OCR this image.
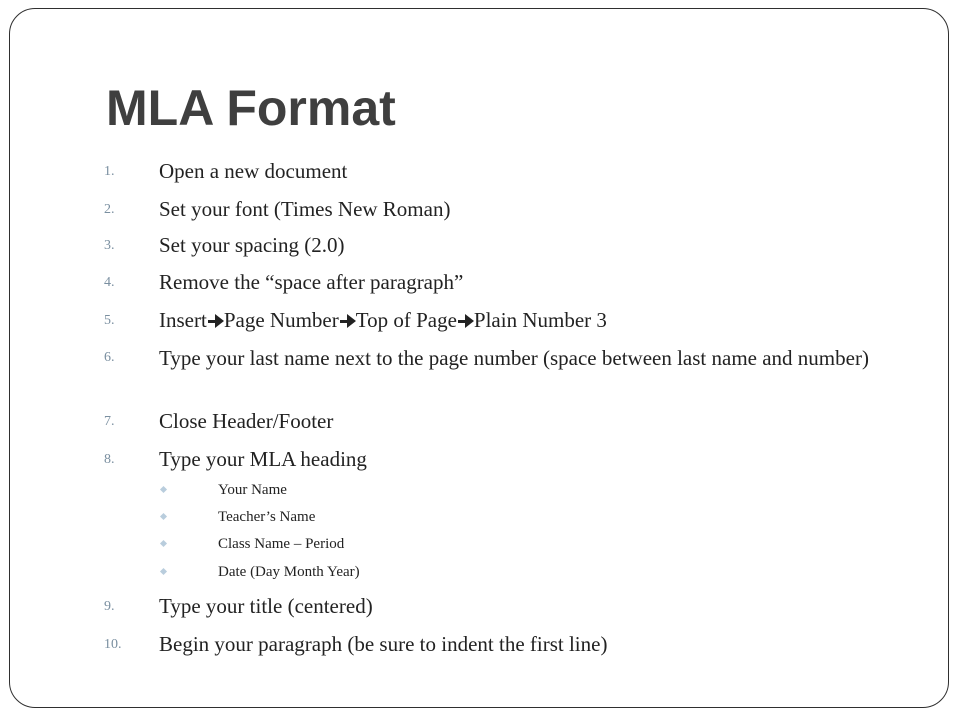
MLA Format
1. Open a new document
2. Set your font (Times New Roman)
3. Set your spacing (2.0)
4. Remove the “space after paragraph”
5. Insert Page Number Top of Page Plain Number 3
6. Type your last name next to the page number (space between last name and number)
7. Close Header/Footer
8. Type your MLA heading
Your Name
Teacher’s Name
Class Name – Period
Date (Day Month Year)
9. Type your title (centered)
10. Begin your paragraph (be sure to indent the first line)
